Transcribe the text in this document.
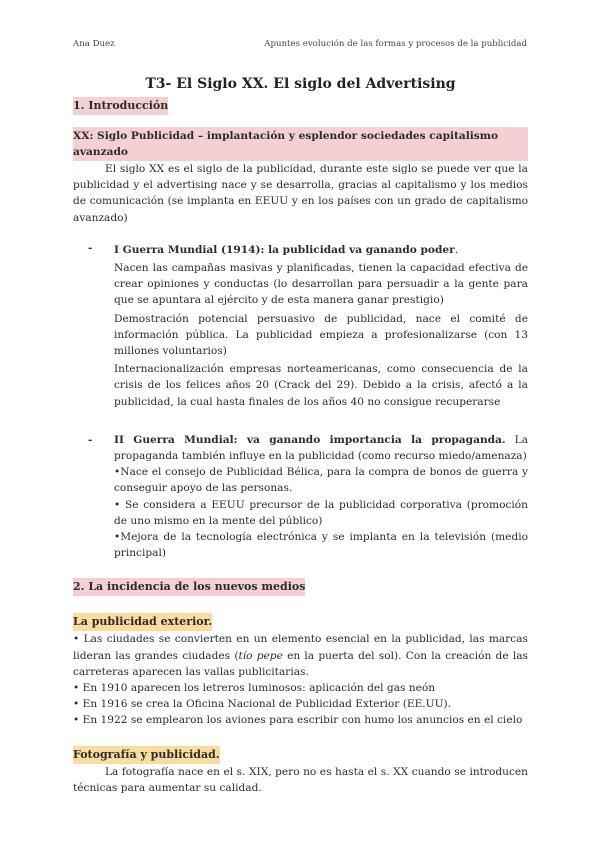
Ana Duez	Apuntes evolución de las formas y procesos de la publicidad
T3- El Siglo XX. El siglo del Advertising
1. Introducción
XX: Siglo Publicidad – implantación y esplendor sociedades capitalismo avanzado

El siglo XX es el siglo de la publicidad, durante este siglo se puede ver que la publicidad y el advertising nace y se desarrolla, gracias al capitalismo y los medios de comunicación (se implanta en EEUU y en los países con un grado de capitalismo avanzado)

-	I Guerra Mundial (1914): la publicidad va ganando poder.

Nacen las campañas masivas y planificadas, tienen la capacidad efectiva de crear opiniones y conductas (lo desarrollan para persuadir a la gente para que se apuntara al ejército y de esta manera ganar prestigio)

Demostración potencial persuasivo de publicidad, nace el comité de información pública. La publicidad empieza a profesionalizarse (con 13 millones voluntarios)

Internacionalización empresas norteamericanas, como consecuencia de la crisis de los felices años 20 (Crack del 29). Debido a la crisis, afectó a la publicidad, la cual hasta finales de los años 40 no consigue recuperarse

-	II Guerra Mundial: va ganando importancia la propaganda. La propaganda también influye en la publicidad (como recurso miedo/amenaza)

•Nace el consejo de Publicidad Bélica, para la compra de bonos de guerra y conseguir apoyo de las personas.

• Se considera a EEUU precursor de la publicidad corporativa (promoción de uno mismo en la mente del público)

•Mejora de la tecnología electrónica y se implanta en la televisión (medio principal)

2. La incidencia de los nuevos medios
La publicidad exterior.

• Las ciudades se convierten en un elemento esencial en la publicidad, las marcas lideran las grandes ciudades (tío pepe en la puerta del sol). Con la creación de las carreteras aparecen las vallas publicitarias.

• En 1910 aparecen los letreros luminosos: aplicación del gas neón

• En 1916 se crea la Oficina Nacional de Publicidad Exterior (EE.UU).

• En 1922 se emplearon los aviones para escribir con humo los anuncios en el cielo

Fotografía y publicidad.

La fotografía nace en el s. XIX, pero no es hasta el s. XX cuando se introducen técnicas para aumentar su calidad.
